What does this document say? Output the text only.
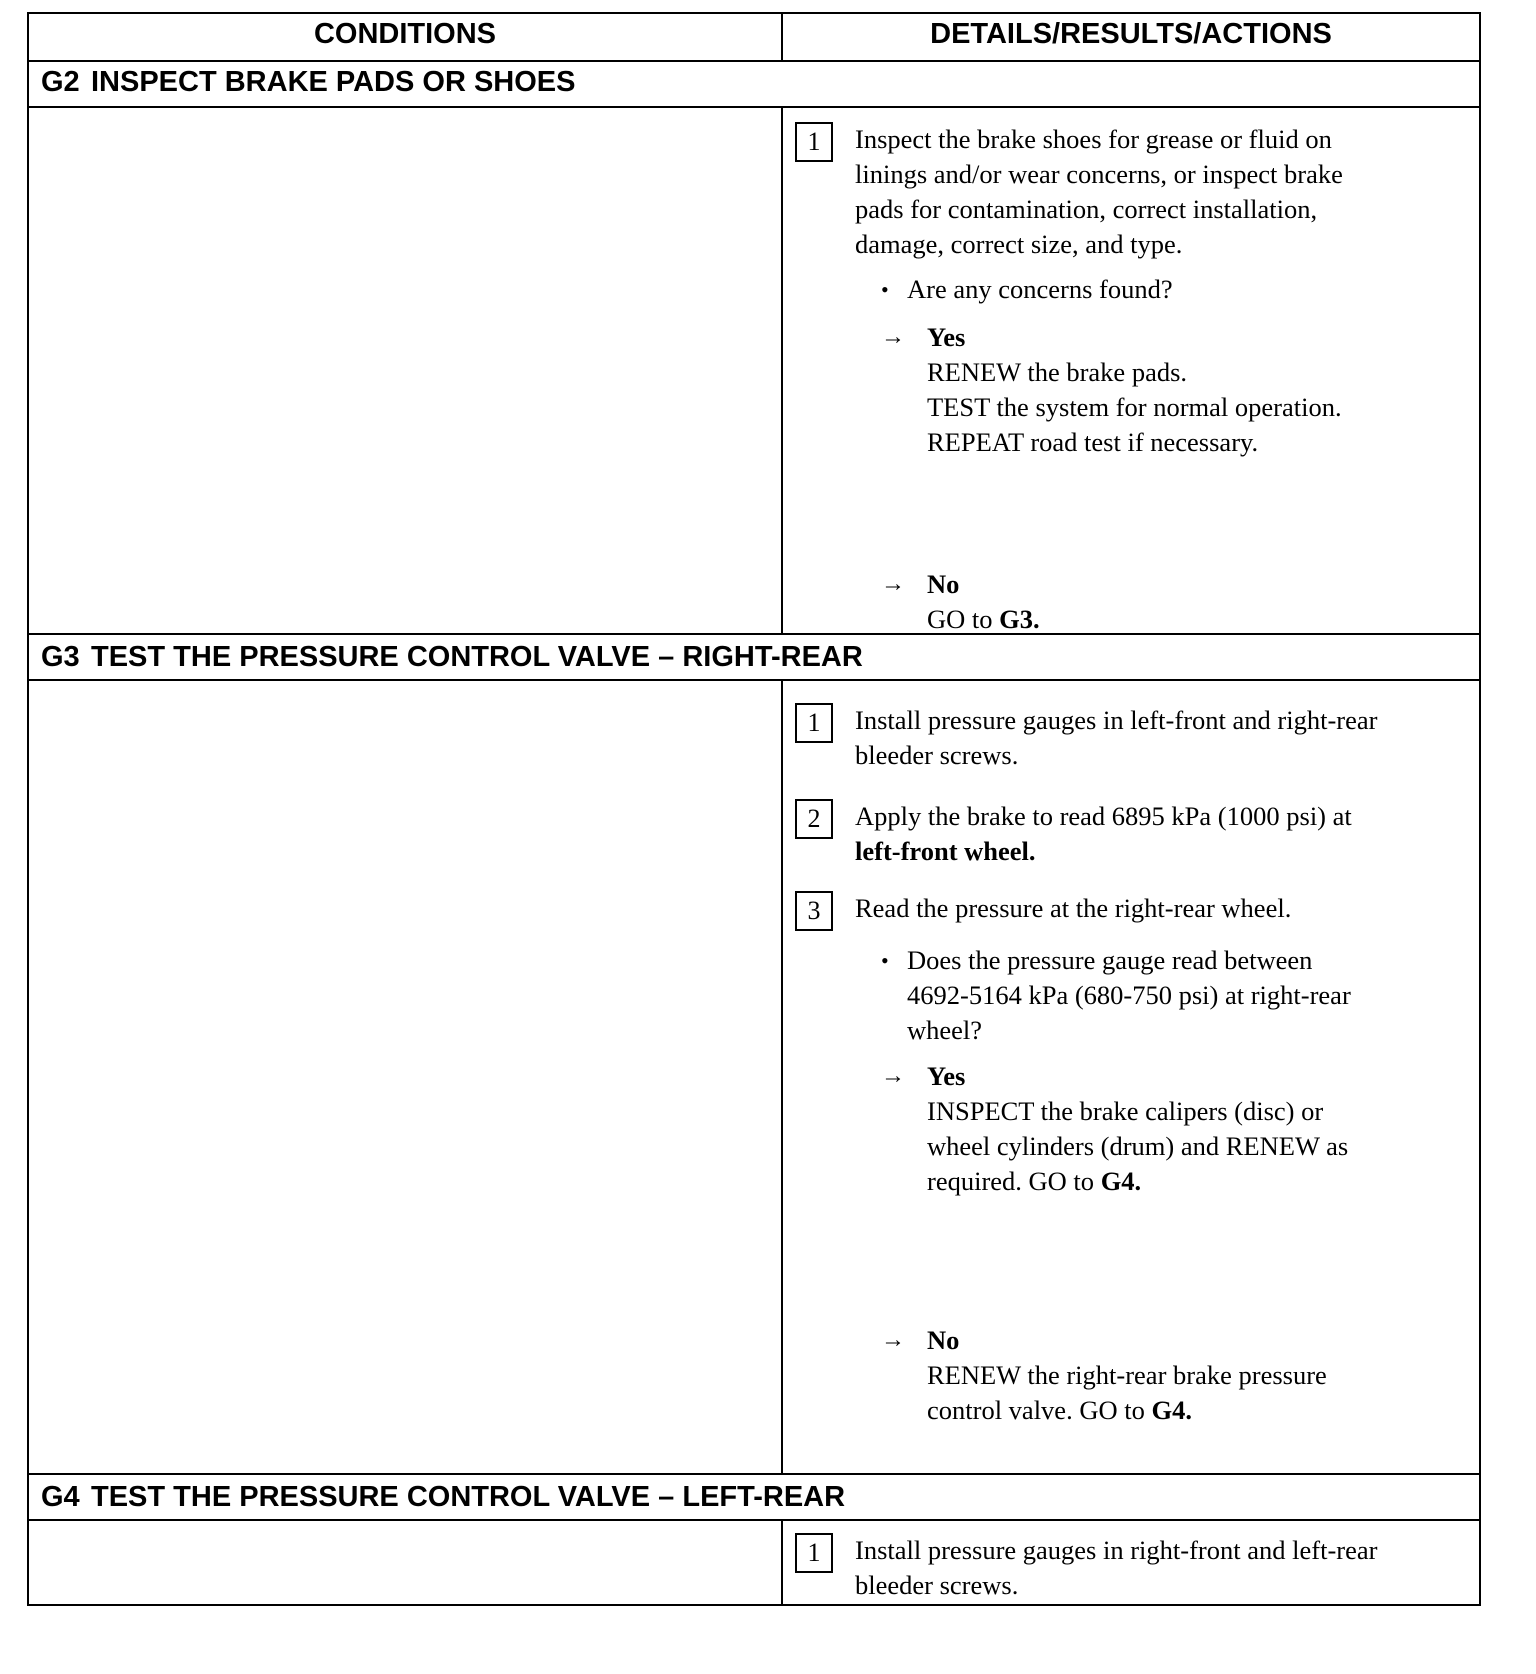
CONDITIONS	DETAILS/RESULTS/ACTIONS
G2 INSPECT BRAKE PADS OR SHOES
1	Inspect the brake shoes for grease or fluid on
linings and/or wear concerns, or inspect brake
pads for contamination, correct installation,
damage, correct size, and type.
• Are any concerns found?
→ Yes
RENEW the brake pads.
TEST the system for normal operation.
REPEAT road test if necessary.
→ No
GO to G3.
G3 TEST THE PRESSURE CONTROL VALVE – RIGHT-REAR
1	Install pressure gauges in left-front and right-rear
bleeder screws.
2	Apply the brake to read 6895 kPa (1000 psi) at
left-front wheel.
3	Read the pressure at the right-rear wheel.
• Does the pressure gauge read between
4692-5164 kPa (680-750 psi) at right-rear
wheel?
→ Yes
INSPECT the brake calipers (disc) or
wheel cylinders (drum) and RENEW as
required. GO to G4.
→ No
RENEW the right-rear brake pressure
control valve. GO to G4.
G4 TEST THE PRESSURE CONTROL VALVE – LEFT-REAR
1	Install pressure gauges in right-front and left-rear
bleeder screws.
